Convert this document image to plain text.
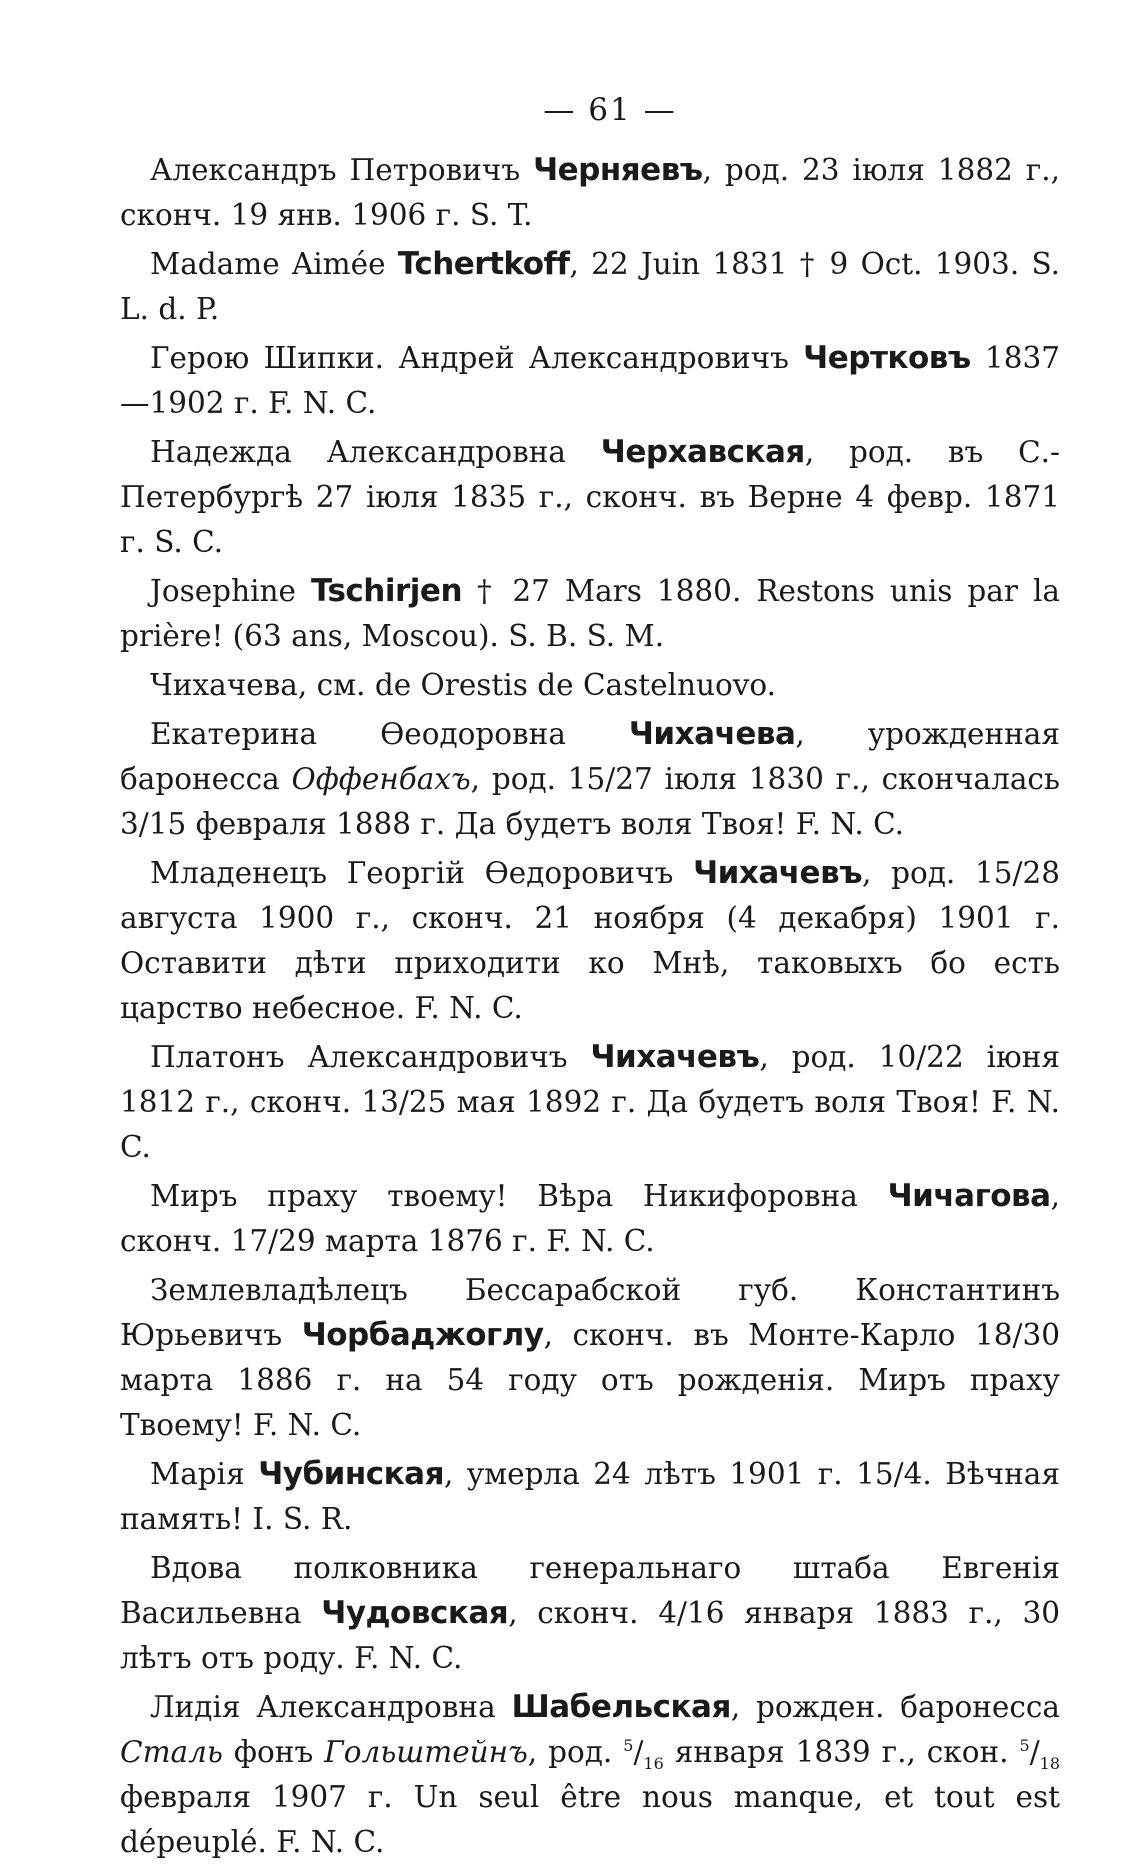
— 61 —

Александръ Петровичъ Черняевъ, род. 23 іюля 1882 г., сконч. 19 янв. 1906 г. S. T.

Madame Aimée Tchertkoff, 22 Juin 1831 † 9 Oct. 1903. S. L. d. P.

Герою Шипки. Андрей Александровичъ Чертковъ 1837—1902 г. F. N. C.

Надежда Александровна Черхавская, род. въ С.-Петербургѣ 27 іюля 1835 г., сконч. въ Верне 4 февр. 1871 г. S. C.

Josephine Tschirjen † 27 Mars 1880. Restons unis par la prière! (63 ans, Moscou). S. B. S. M.

Чихачева, см. de Orestis de Castelnuovo.

Екатерина Өеодоровна Чихачева, урожденная баронесса Оффенбахъ, род. 15/27 іюля 1830 г., скончалась 3/15 февраля 1888 г. Да будетъ воля Твоя! F. N. C.

Младенецъ Георгій Өедоровичъ Чихачевъ, род. 15/28 августа 1900 г., сконч. 21 ноября (4 декабря) 1901 г. Оставити дѣти приходити ко Мнѣ, таковыхъ бо есть царство небесное. F. N. C.

Платонъ Александровичъ Чихачевъ, род. 10/22 іюня 1812 г., сконч. 13/25 мая 1892 г. Да будетъ воля Твоя! F. N. C.

Миръ праху твоему! Вѣра Никифоровна Чичагова, сконч. 17/29 марта 1876 г. F. N. C.

Землевладѣлецъ Бессарабской губ. Константинъ Юрьевичъ Чорбаджоглу, сконч. въ Монте-Карло 18/30 марта 1886 г. на 54 году отъ рожденія. Миръ праху Твоему! F. N. C.

Марія Чубинская, умерла 24 лѣтъ 1901 г. 15/4. Вѣчная память! I. S. R.

Вдова полковника генеральнаго штаба Евгенія Васильевна Чудовская, сконч. 4/16 января 1883 г., 30 лѣтъ отъ роду. F. N. C.

Лидія Александровна Шабельская, рожден. баронесса Сталь фонъ Гольштейнъ, род. $^5/_{16}$ января 1839 г., скон. $^5/_{18}$ февраля 1907 г. Un seul être nous manque, et tout est dépeuplé. F. N. C.
